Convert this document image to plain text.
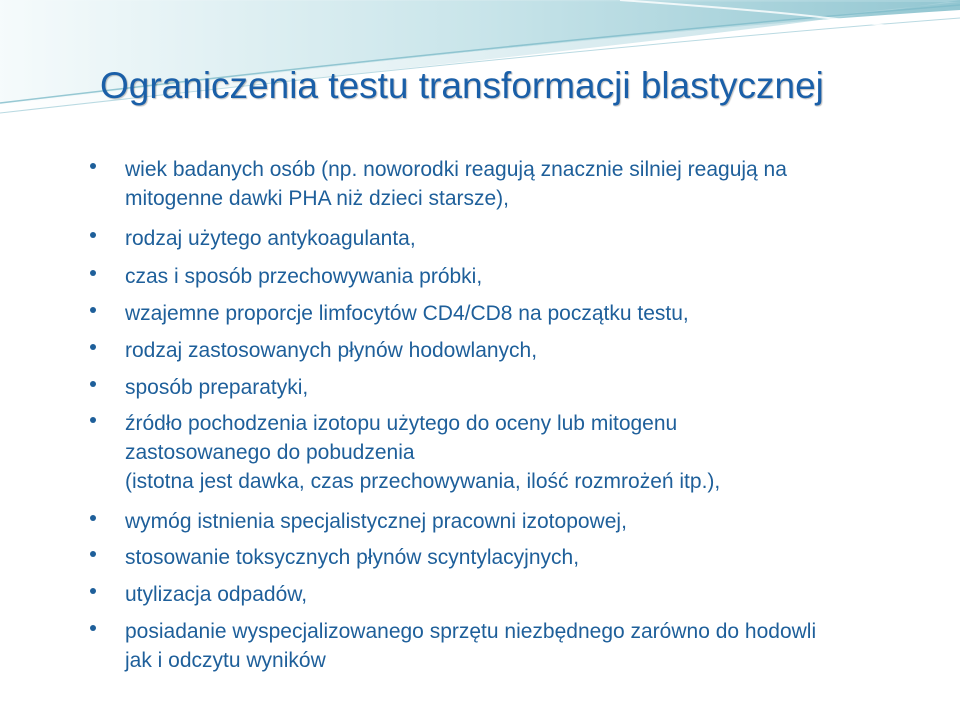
Ograniczenia testu transformacji blastycznej
wiek badanych osób (np. noworodki reagują znacznie silniej reagują na
mitogenne dawki PHA niż dzieci starsze),
rodzaj użytego antykoagulanta,
czas i sposób przechowywania próbki,
wzajemne proporcje limfocytów CD4/CD8 na początku testu,
rodzaj zastosowanych płynów hodowlanych,
sposób preparatyki,
źródło pochodzenia izotopu użytego do oceny lub mitogenu
zastosowanego do pobudzenia
(istotna jest dawka, czas przechowywania, ilość rozmrożeń itp.),
wymóg istnienia specjalistycznej pracowni izotopowej,
stosowanie toksycznych płynów scyntylacyjnych,
utylizacja odpadów,
posiadanie wyspecjalizowanego sprzętu niezbędnego zarówno do hodowli
jak i odczytu wyników
